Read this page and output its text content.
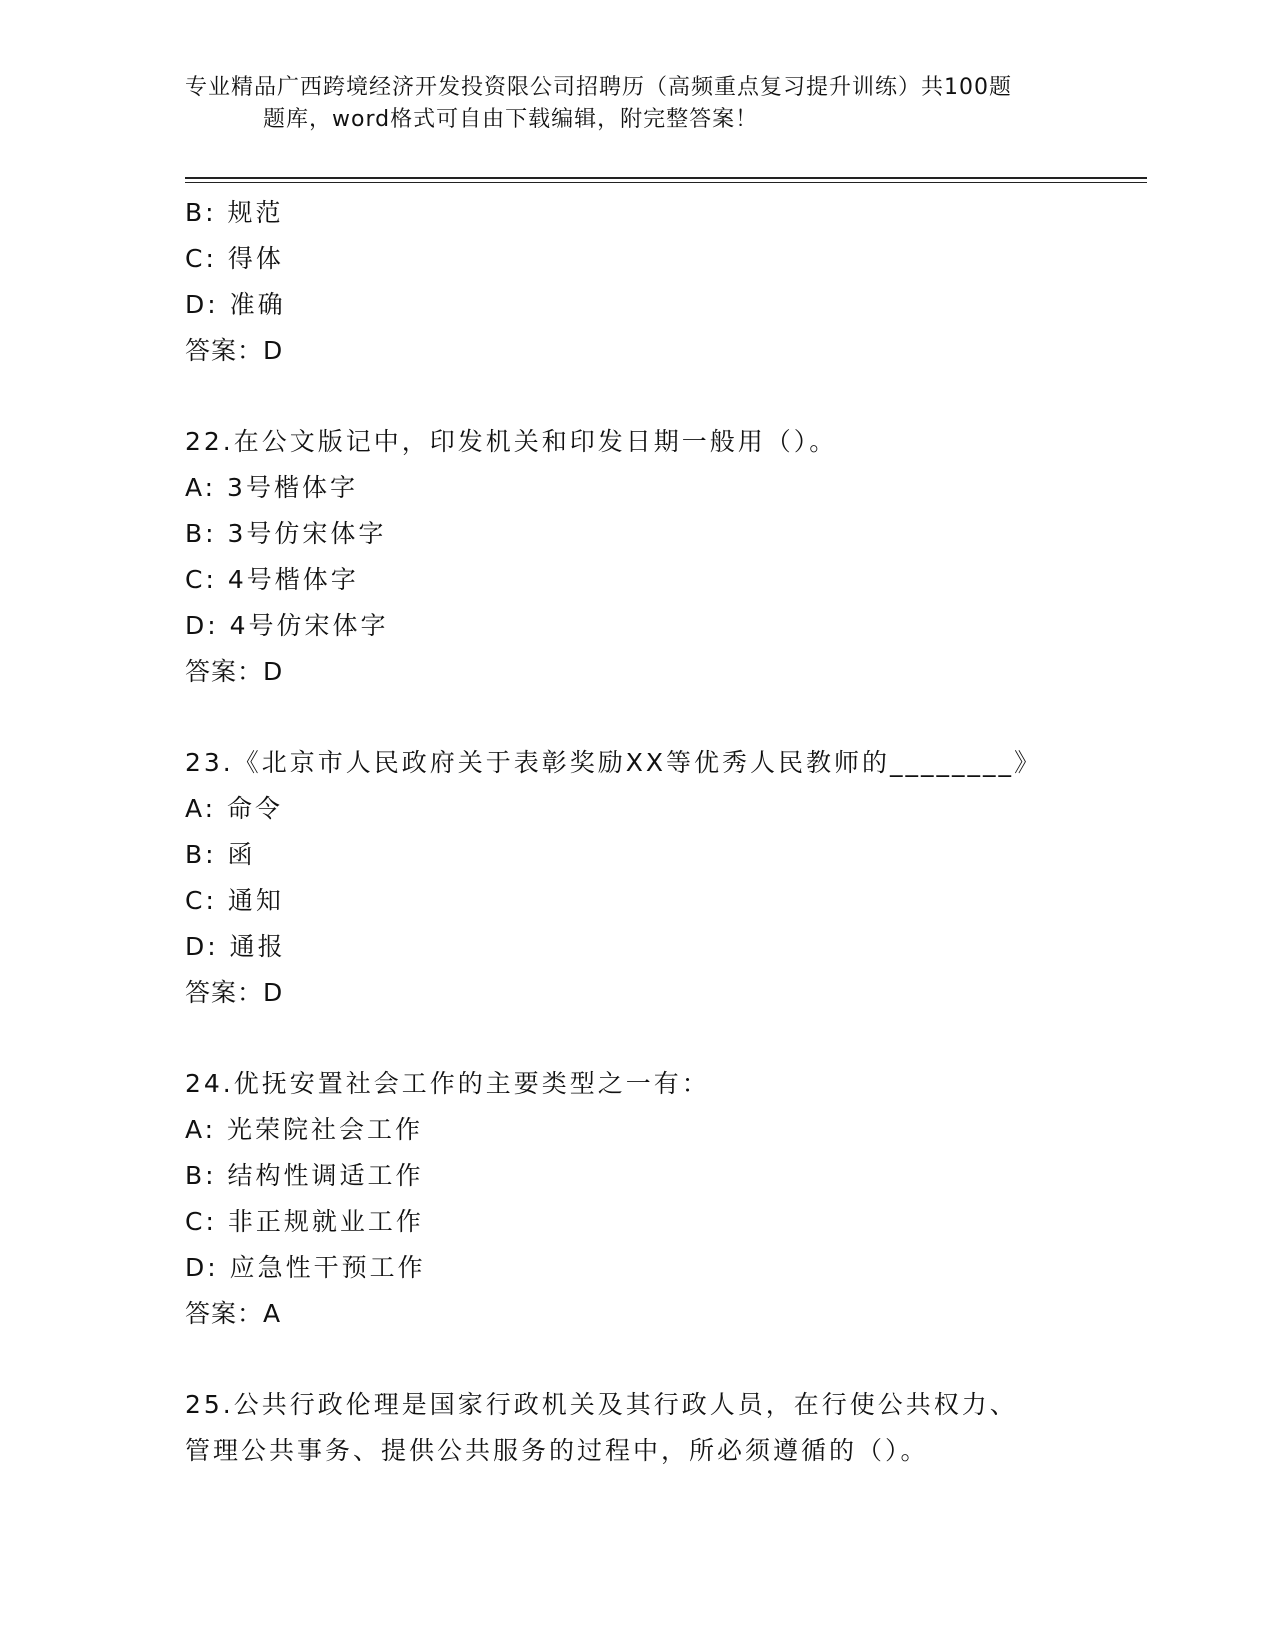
专业精品广西跨境经济开发投资限公司招聘历（高频重点复习提升训练）共100题
题库，word格式可自由下载编辑，附完整答案！
B: 规范
C: 得体
D: 准确
答案：D
22.在公文版记中，印发机关和印发日期一般用（）。
A: 3号楷体字
B: 3号仿宋体字
C: 4号楷体字
D: 4号仿宋体字
答案：D
23.《北京市人民政府关于表彰奖励XX等优秀人民教师的________》
A: 命令
B: 函
C: 通知
D: 通报
答案：D
24.优抚安置社会工作的主要类型之一有：
A: 光荣院社会工作
B: 结构性调适工作
C: 非正规就业工作
D: 应急性干预工作
答案：A
25.公共行政伦理是国家行政机关及其行政人员，在行使公共权力、管理公共事务、提供公共服务的过程中，所必须遵循的（）。
